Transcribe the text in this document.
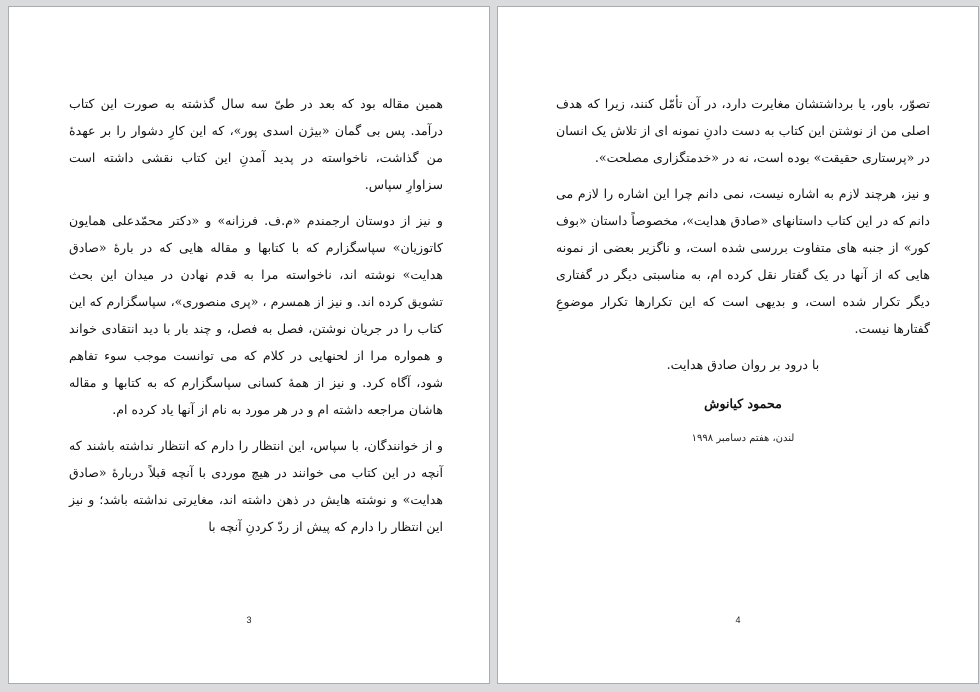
همین مقاله بود که بعد در طیّ سه سال گذشته به صورت این کتاب درآمد. پس بی گمان «بیژن اسدی پور»، که این کارِ دشوار را بر عهدهٔ من گذاشت، ناخواسته در پدید آمدنِ این کتاب نقشی داشته است سزاوارِ سپاس.

و نیز از دوستان ارجمندم «م.ف. فرزانه» و «دکتر محمّدعلی همایون کاتوزیان» سپاسگزارم که با کتابها و مقاله هایی که در بارهٔ «صادق هدایت» نوشته اند، ناخواسته مرا به قدم نهادن در میدان این بحث تشویق کرده اند. و نیز از همسرم ، «پری منصوری»، سپاسگزارم که این کتاب را در جریان نوشتن، فصل به فصل، و چند بار با دید انتقادی خواند و همواره مرا از لحنهایی در کلام که می توانست موجب سوء تفاهم شود، آگاه کرد. و نیز از همهٔ کسانی سپاسگزارم که به کتابها و مقاله هاشان مراجعه داشته ام و در هر مورد به نام از آنها یاد کرده ام.

و از خوانندگان، با سپاس، این انتظار را دارم که انتظار نداشته باشند که آنچه در این کتاب می خوانند در هیچ موردی با آنچه قبلاً دربارهٔ «صادق هدایت» و نوشته هایش در ذهن داشته اند، مغایرتی نداشته باشد؛ و نیز این انتظار را دارم که پیش از ردّ کردنِ آنچه با

3

تصوّر، باور، یا برداشتشان مغایرت دارد، در آن تأمّل کنند، زیرا که هدف اصلی من از نوشتن این کتاب به دست دادنِ نمونه ای از تلاش یک انسان در «پرستاری حقیقت» بوده است، نه در «خدمتگزاری مصلحت».

و نیز، هرچند لازم به اشاره نیست، نمی دانم چرا این اشاره را لازم می دانم که در این کتاب داستانهای «صادق هدایت»، مخصوصاً داستان «بوف کور» از جنبه های متفاوت بررسی شده است، و ناگزیر بعضی از نمونه هایی که از آنها در یک گفتار نقل کرده ام، به مناسبتی دیگر در گفتاری دیگر تکرار شده است، و بدیهی است که این تکرارها تکرار موضوعِ گفتارها نیست.

با درود بر روان صادق هدایت.

محمود کیانوش

لندن، هفتم دسامبر ۱۹۹۸

4
